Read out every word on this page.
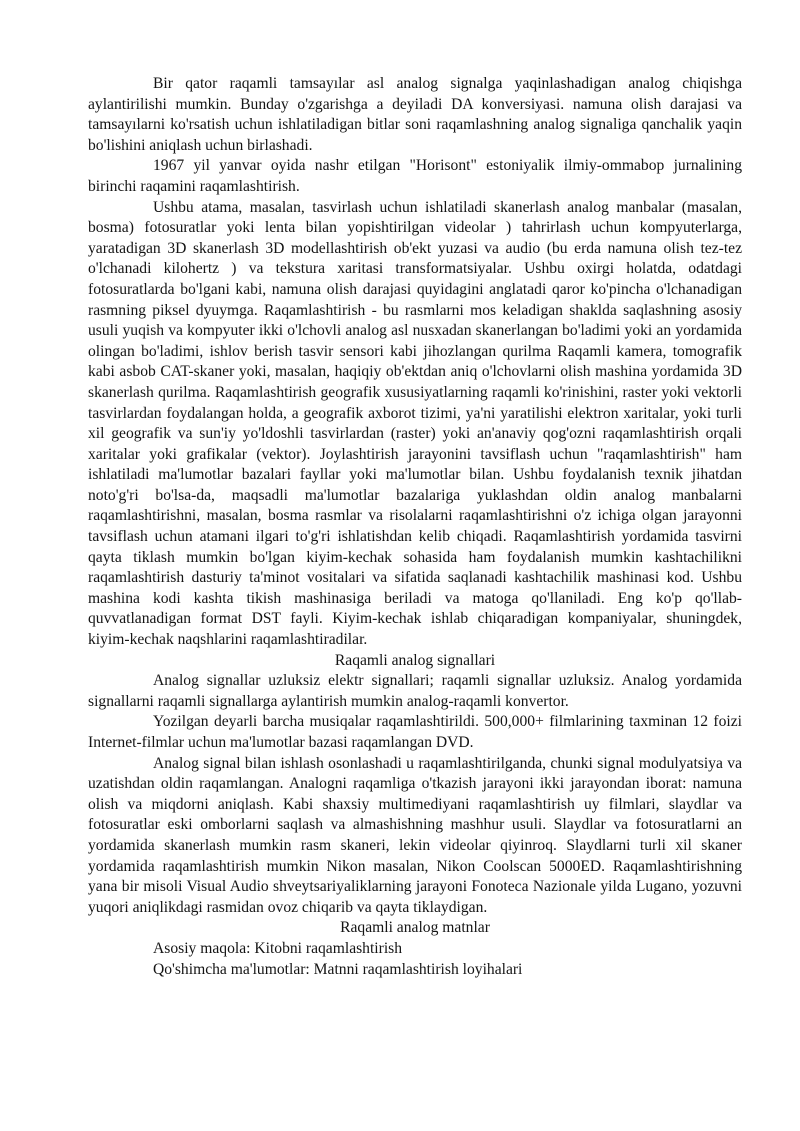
Bir qator raqamli tamsayılar asl analog signalga yaqinlashadigan analog chiqishga aylantirilishi mumkin. Bunday o'zgarishga a deyiladi DA konversiyasi. namuna olish darajasi va tamsayılarni ko'rsatish uchun ishlatiladigan bitlar soni raqamlashning analog signaliga qanchalik yaqin bo'lishini aniqlash uchun birlashadi.

1967 yil yanvar oyida nashr etilgan "Horisont" estoniyalik ilmiy-ommabop jurnalining birinchi raqamini raqamlashtirish.

Ushbu atama, masalan, tasvirlash uchun ishlatiladi skanerlash analog manbalar (masalan, bosma) fotosuratlar yoki lenta bilan yopishtirilgan videolar ) tahrirlash uchun kompyuterlarga, yaratadigan 3D skanerlash 3D modellashtirish ob'ekt yuzasi va audio (bu erda namuna olish tez-tez o'lchanadi kilohertz ) va tekstura xaritasi transformatsiyalar. Ushbu oxirgi holatda, odatdagi fotosuratlarda bo'lgani kabi, namuna olish darajasi quyidagini anglatadi qaror ko'pincha o'lchanadigan rasmning piksel dyuymga. Raqamlashtirish - bu rasmlarni mos keladigan shaklda saqlashning asosiy usuli yuqish va kompyuter ikki o'lchovli analog asl nusxadan skanerlangan bo'ladimi yoki an yordamida olingan bo'ladimi, ishlov berish tasvir sensori kabi jihozlangan qurilma Raqamli kamera, tomografik kabi asbob CAT-skaner yoki, masalan, haqiqiy ob'ektdan aniq o'lchovlarni olish mashina yordamida 3D skanerlash qurilma. Raqamlashtirish geografik xususiyatlarning raqamli ko'rinishini, raster yoki vektorli tasvirlardan foydalangan holda, a geografik axborot tizimi, ya'ni yaratilishi elektron xaritalar, yoki turli xil geografik va sun'iy yo'ldoshli tasvirlardan (raster) yoki an'anaviy qog'ozni raqamlashtirish orqali xaritalar yoki grafikalar (vektor). Joylashtirish jarayonini tavsiflash uchun "raqamlashtirish" ham ishlatiladi ma'lumotlar bazalari fayllar yoki ma'lumotlar bilan. Ushbu foydalanish texnik jihatdan noto'g'ri bo'lsa-da, maqsadli ma'lumotlar bazalariga yuklashdan oldin analog manbalarni raqamlashtirishni, masalan, bosma rasmlar va risolalarni raqamlashtirishni o'z ichiga olgan jarayonni tavsiflash uchun atamani ilgari to'g'ri ishlatishdan kelib chiqadi. Raqamlashtirish yordamida tasvirni qayta tiklash mumkin bo'lgan kiyim-kechak sohasida ham foydalanish mumkin kashtachilikni raqamlashtirish dasturiy ta'minot vositalari va sifatida saqlanadi kashtachilik mashinasi kod. Ushbu mashina kodi kashta tikish mashinasiga beriladi va matoga qo'llaniladi. Eng ko'p qo'llab-quvvatlanadigan format DST fayli. Kiyim-kechak ishlab chiqaradigan kompaniyalar, shuningdek, kiyim-kechak naqshlarini raqamlashtiradilar.

Raqamli analog signallari

Analog signallar uzluksiz elektr signallari; raqamli signallar uzluksiz. Analog yordamida signallarni raqamli signallarga aylantirish mumkin analog-raqamli konvertor.

Yozilgan deyarli barcha musiqalar raqamlashtirildi. 500,000+ filmlarining taxminan 12 foizi Internet-filmlar uchun ma'lumotlar bazasi raqamlangan DVD.

Analog signal bilan ishlash osonlashadi u raqamlashtirilganda, chunki signal modulyatsiya va uzatishdan oldin raqamlangan. Analogni raqamliga o'tkazish jarayoni ikki jarayondan iborat: namuna olish va miqdorni aniqlash. Kabi shaxsiy multimediyani raqamlashtirish uy filmlari, slaydlar va fotosuratlar eski omborlarni saqlash va almashishning mashhur usuli. Slaydlar va fotosuratlarni an yordamida skanerlash mumkin rasm skaneri, lekin videolar qiyinroq. Slaydlarni turli xil skaner yordamida raqamlashtirish mumkin Nikon masalan, Nikon Coolscan 5000ED. Raqamlashtirishning yana bir misoli Visual Audio shveytsariyaliklarning jarayoni Fonoteca Nazionale yilda Lugano, yozuvni yuqori aniqlikdagi rasmidan ovoz chiqarib va qayta tiklaydigan.

Raqamli analog matnlar

Asosiy maqola: Kitobni raqamlashtirish

Qo'shimcha ma'lumotlar: Matnni raqamlashtirish loyihalari
